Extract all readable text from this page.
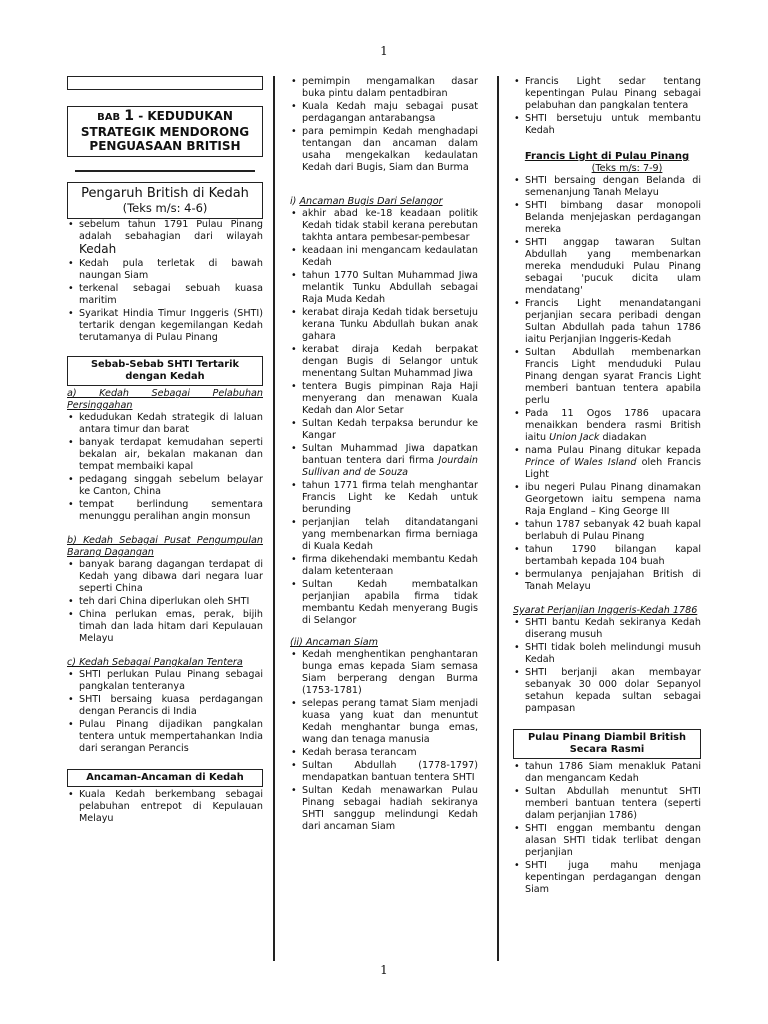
1
BAB 1 - KEDUDUKAN STRATEGIK MENDORONG PENGUASAAN BRITISH
Pengaruh British di Kedah
(Teks m/s: 4-6)
• sebelum tahun 1791 Pulau Pinang adalah sebahagian dari wilayah Kedah
• Kedah pula terletak di bawah naungan Siam
• terkenal sebagai sebuah kuasa maritim
• Syarikat Hindia Timur Inggeris (SHTI) tertarik dengan kegemilangan Kedah terutamanya di Pulau Pinang
Sebab-Sebab SHTI Tertarik dengan Kedah
a) Kedah Sebagai Pelabuhan Persinggahan
• kedudukan Kedah strategik di laluan antara timur dan barat
• banyak terdapat kemudahan seperti bekalan air, bekalan makanan dan tempat membaiki kapal
• pedagang singgah sebelum belayar ke Canton, China
• tempat berlindung sementara menunggu peralihan angin monsun
b) Kedah Sebagai Pusat Pengumpulan Barang Dagangan
• banyak barang dagangan terdapat di Kedah yang dibawa dari negara luar seperti China
• teh dari China diperlukan oleh SHTI
• China perlukan emas, perak, bijih timah dan lada hitam dari Kepulauan Melayu
c) Kedah Sebagai Pangkalan Tentera
• SHTI perlukan Pulau Pinang sebagai pangkalan tenteranya
• SHTI bersaing kuasa perdagangan dengan Perancis di India
• Pulau Pinang dijadikan pangkalan tentera untuk mempertahankan India dari serangan Perancis
Ancaman-Ancaman di Kedah
• Kuala Kedah berkembang sebagai pelabuhan entrepot di Kepulauan Melayu
• pemimpin mengamalkan dasar buka pintu dalam pentadbiran
• Kuala Kedah maju sebagai pusat perdagangan antarabangsa
• para pemimpin Kedah menghadapi tentangan dan ancaman dalam usaha mengekalkan kedaulatan Kedah dari Bugis, Siam dan Burma
i) Ancaman Bugis Dari Selangor
• akhir abad ke-18 keadaan politik Kedah tidak stabil kerana perebutan takhta antara pembesar-pembesar
• keadaan ini mengancam kedaulatan Kedah
• tahun 1770 Sultan Muhammad Jiwa melantik Tunku Abdullah sebagai Raja Muda Kedah
• kerabat diraja Kedah tidak bersetuju kerana Tunku Abdullah bukan anak gahara
• kerabat diraja Kedah berpakat dengan Bugis di Selangor untuk menentang Sultan Muhammad Jiwa
• tentera Bugis pimpinan Raja Haji menyerang dan menawan Kuala Kedah dan Alor Setar
• Sultan Kedah terpaksa berundur ke Kangar
• Sultan Muhammad Jiwa dapatkan bantuan tentera dari firma Jourdain Sullivan and de Souza
• tahun 1771 firma telah menghantar Francis Light ke Kedah untuk berunding
• perjanjian telah ditandatangani yang membenarkan firma berniaga di Kuala Kedah
• firma dikehendaki membantu Kedah dalam ketenteraan
• Sultan Kedah membatalkan perjanjian apabila firma tidak membantu Kedah menyerang Bugis di Selangor
(ii) Ancaman Siam
• Kedah menghentikan penghantaran bunga emas kepada Siam semasa Siam berperang dengan Burma (1753-1781)
• selepas perang tamat Siam menjadi kuasa yang kuat dan menuntut Kedah menghantar bunga emas, wang dan tenaga manusia
• Kedah berasa terancam
• Sultan Abdullah (1778-1797) mendapatkan bantuan tentera SHTI
• Sultan Kedah menawarkan Pulau Pinang sebagai hadiah sekiranya SHTI sanggup melindungi Kedah dari ancaman Siam
• Francis Light sedar tentang kepentingan Pulau Pinang sebagai pelabuhan dan pangkalan tentera
• SHTI bersetuju untuk membantu Kedah
Francis Light di Pulau Pinang
(Teks m/s: 7-9)
• SHTI bersaing dengan Belanda di semenanjung Tanah Melayu
• SHTI bimbang dasar monopoli Belanda menjejaskan perdagangan mereka
• SHTI anggap tawaran Sultan Abdullah yang membenarkan mereka menduduki Pulau Pinang sebagai 'pucuk dicita ulam mendatang'
• Francis Light menandatangani perjanjian secara peribadi dengan Sultan Abdullah pada tahun 1786 iaitu Perjanjian Inggeris-Kedah
• Sultan Abdullah membenarkan Francis Light menduduki Pulau Pinang dengan syarat Francis Light memberi bantuan tentera apabila perlu
• Pada 11 Ogos 1786 upacara menaikkan bendera rasmi British iaitu Union Jack diadakan
• nama Pulau Pinang ditukar kepada Prince of Wales Island oleh Francis Light
• ibu negeri Pulau Pinang dinamakan Georgetown iaitu sempena nama Raja England – King George III
• tahun 1787 sebanyak 42 buah kapal berlabuh di Pulau Pinang
• tahun 1790 bilangan kapal bertambah kepada 104 buah
• bermulanya penjajahan British di Tanah Melayu
Syarat Perjanjian Inggeris-Kedah 1786
• SHTI bantu Kedah sekiranya Kedah diserang musuh
• SHTI tidak boleh melindungi musuh Kedah
• SHTI berjanji akan membayar sebanyak 30 000 dolar Sepanyol setahun kepada sultan sebagai pampasan
Pulau Pinang Diambil British Secara Rasmi
• tahun 1786 Siam menakluk Patani dan mengancam Kedah
• Sultan Abdullah menuntut SHTI memberi bantuan tentera (seperti dalam perjanjian 1786)
• SHTI enggan membantu dengan alasan SHTI tidak terlibat dengan perjanjian
• SHTI juga mahu menjaga kepentingan perdagangan dengan Siam
1
